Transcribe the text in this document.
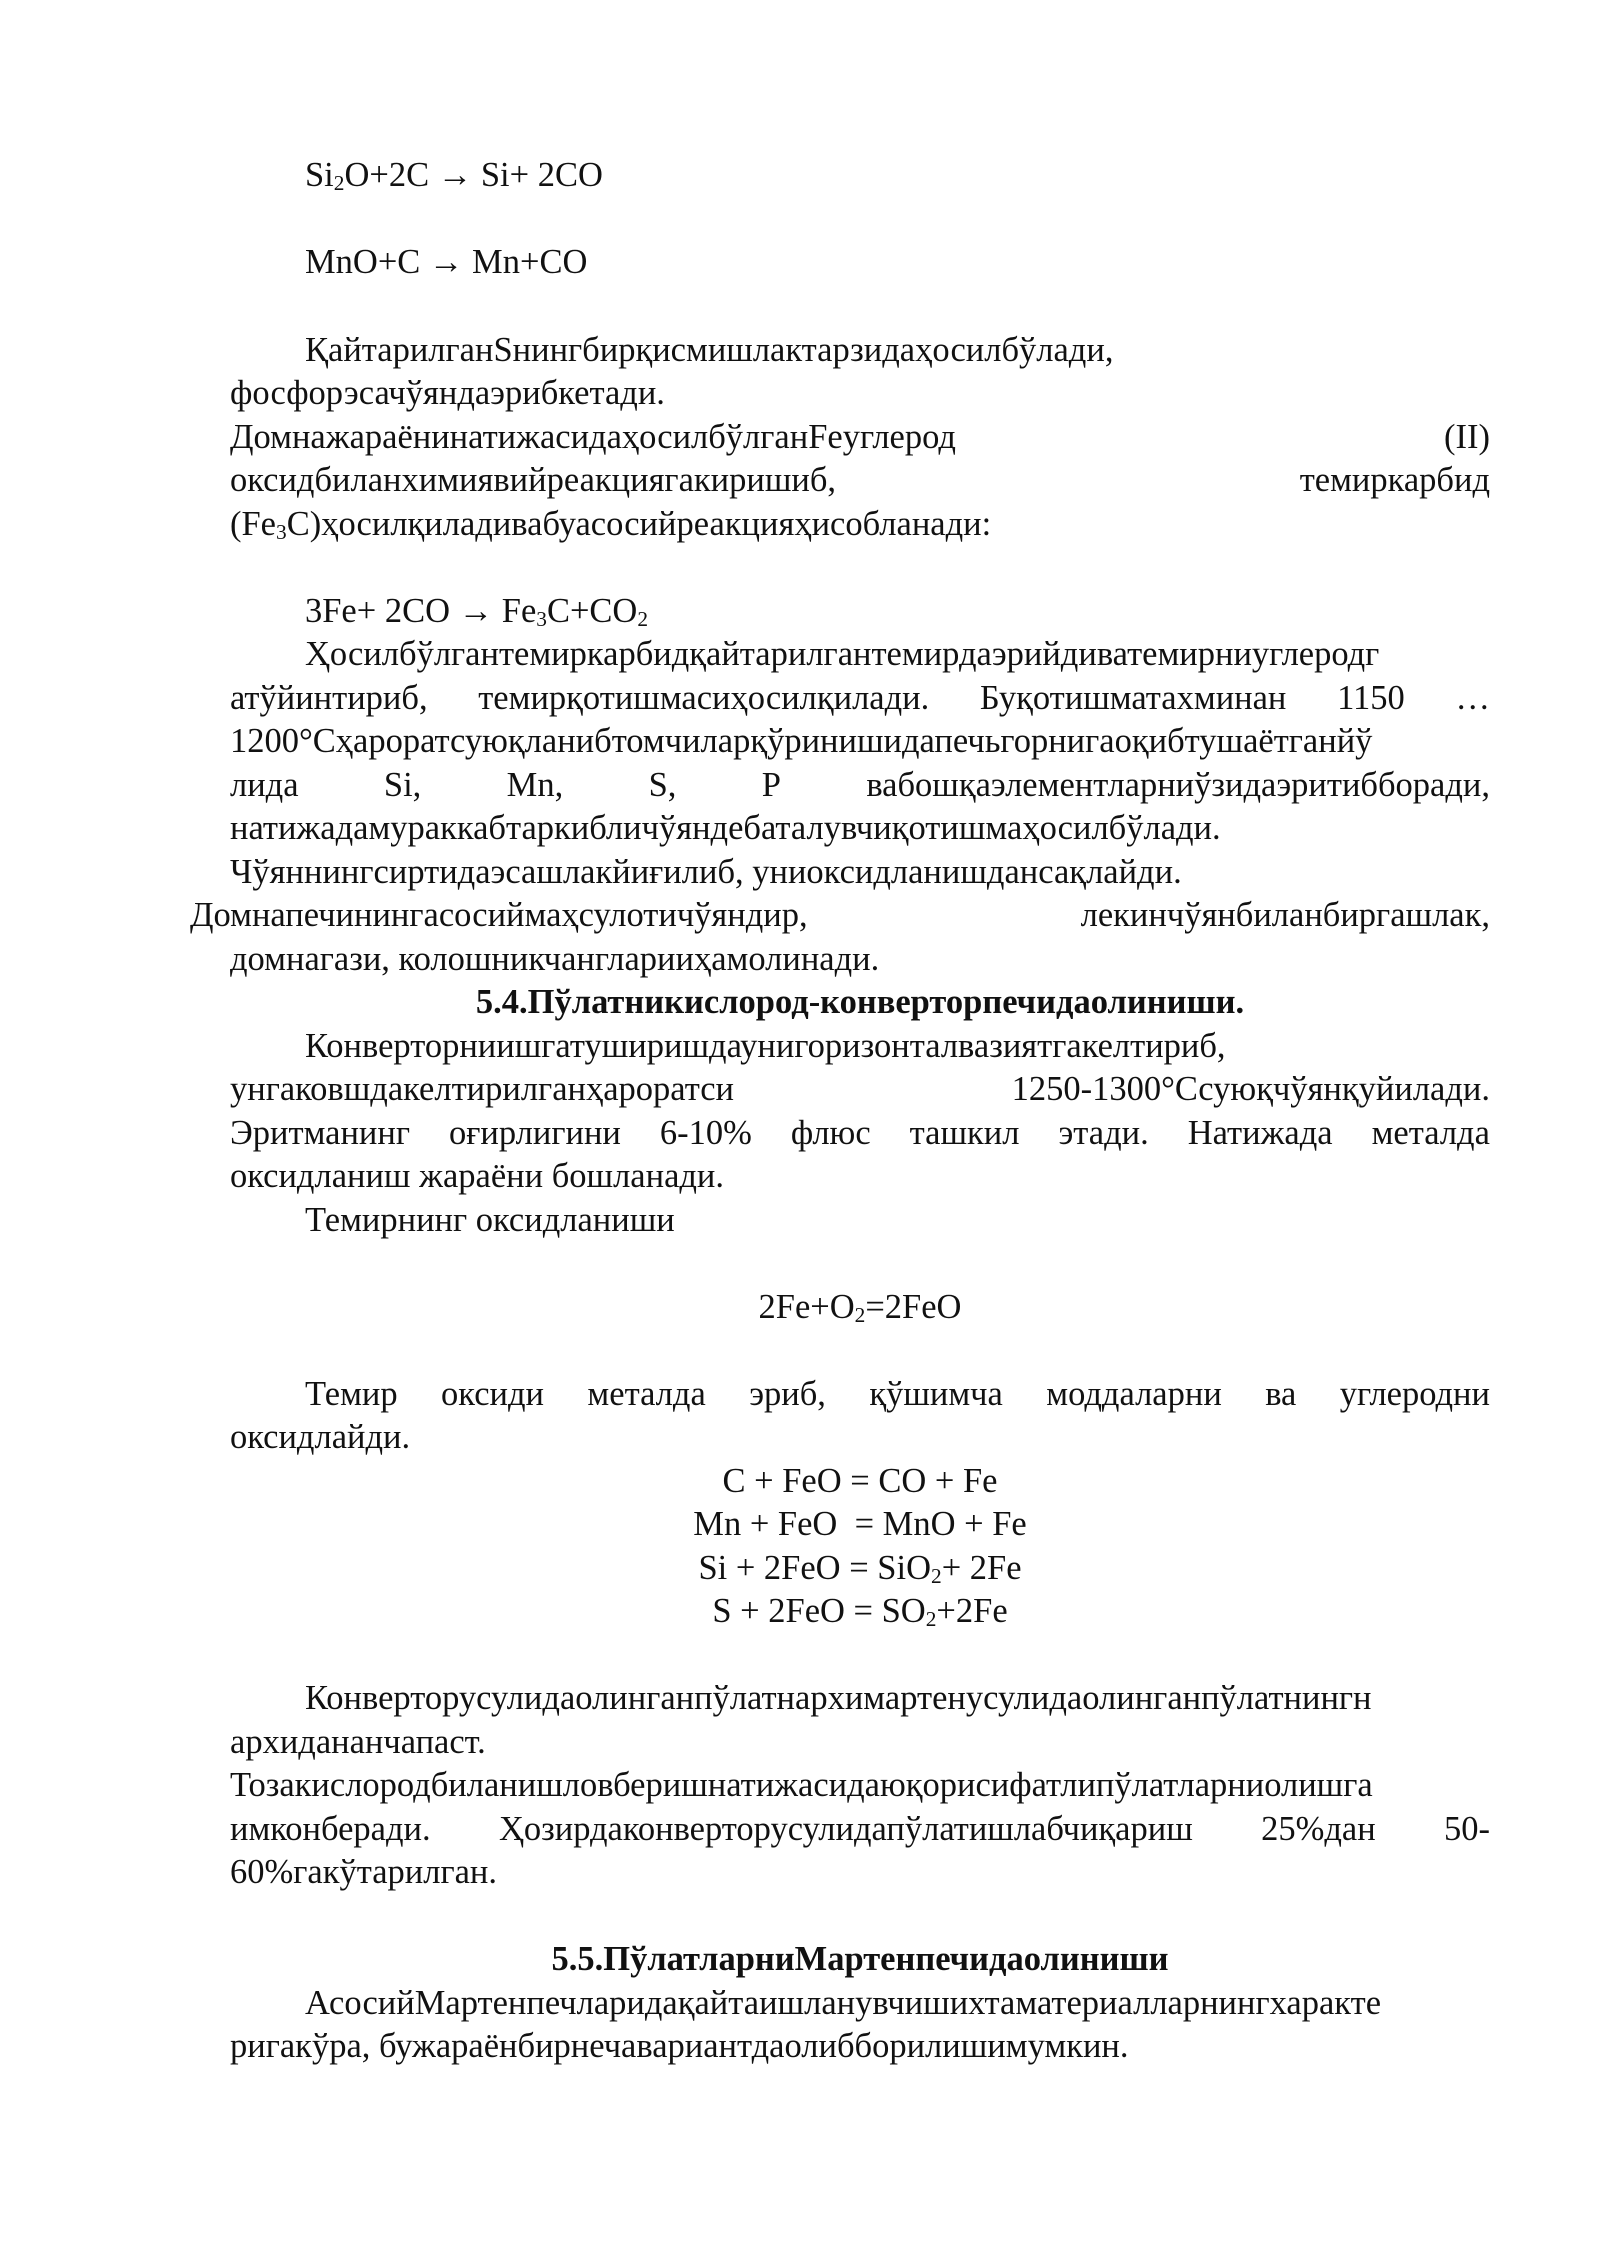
$Si_2O+2C \to Si+ 2CO$
MnO+C → Mn+CO
ҚайтарилганSнингбирқисмишлактарзидаҳосилбўлади,
фосфорэсачўяндаэрибкетади.
ДомнажараёнинатижасидаҳосилбўлганFeуглерод	(II)
оксидбиланхимиявийреакциягакиришиб,	темиркарбид
$(Fe_3C)ҳосилқиладивабуасосийреакцияҳисобланади$:
$3Fe+ 2CO \to Fe_3C+CO_2$
Ҳосилбўлгантемиркарбидқайтарилгантемирдаэрийдиватемирниуглеродг
атўйинтириб, темирқотишмасиҳосилқилади. Буқотишматахминан 1150 …
1200°Сҳароратсуюқланибтомчиларқўринишидапечьгорнигаоқибтушаётганйў
лида Si, Mn, S, P вабошқаэлементларниўзидаэритибборади,
натижадамураккабтаркибличўяндебаталувчиқотишмаҳосилбўлади.
Чўяннингсиртидаэсашлакйиғилиб, униоксидланишдансақлайди.
Домнапечинингасосиймаҳсулотичўяндир,	лекинчўянбиланбиргашлак,
домнагази, колошникчангларииҳамолинади.
5.4.Пўлатникислород-конверторпечидаолиниши.
Конверторниишгатуширишдаунигоризонталвазиятгакелтириб,
унгаковшдакелтирилганҳароратси	1250-1300°Ссуюқчўянқуйилади.
Эритманинг оғирлигини 6-10% флюс ташкил этади. Натижада металда
оксидланиш жараёни бошланади.
Темирнинг оксидланиши
$2Fe+O_2=2FeO$
Темир оксиди металда эриб, қўшимча моддаларни ва углеродни
оксидлайди.
C + FeO = CO + Fe
Mn + FeO  = MnO + Fe
Si + 2FeO = SiO$_2$+ 2Fe
$S + 2FeO = SO_2+2Fe$
Конверторусулидаолинганпўлатнархимартенусулидаолинганпўлатнингн
архидананчапаст.
Тозакислородбиланишловберишнатижасидаюқорисифатлипўлатларниолишга
имконберади. Ҳозирдаконверторусулидапўлатишлабчиқариш 25%дан 50-
60%гакўтарилган.
5.5.ПўлатларниМартенпечидаолиниши
АсосийМартенпечларидақайтаишланувчишихтаматериалларнингхаракте
ригакўра, бужараёнбирнечавариантдаолибборилишимумкин.
